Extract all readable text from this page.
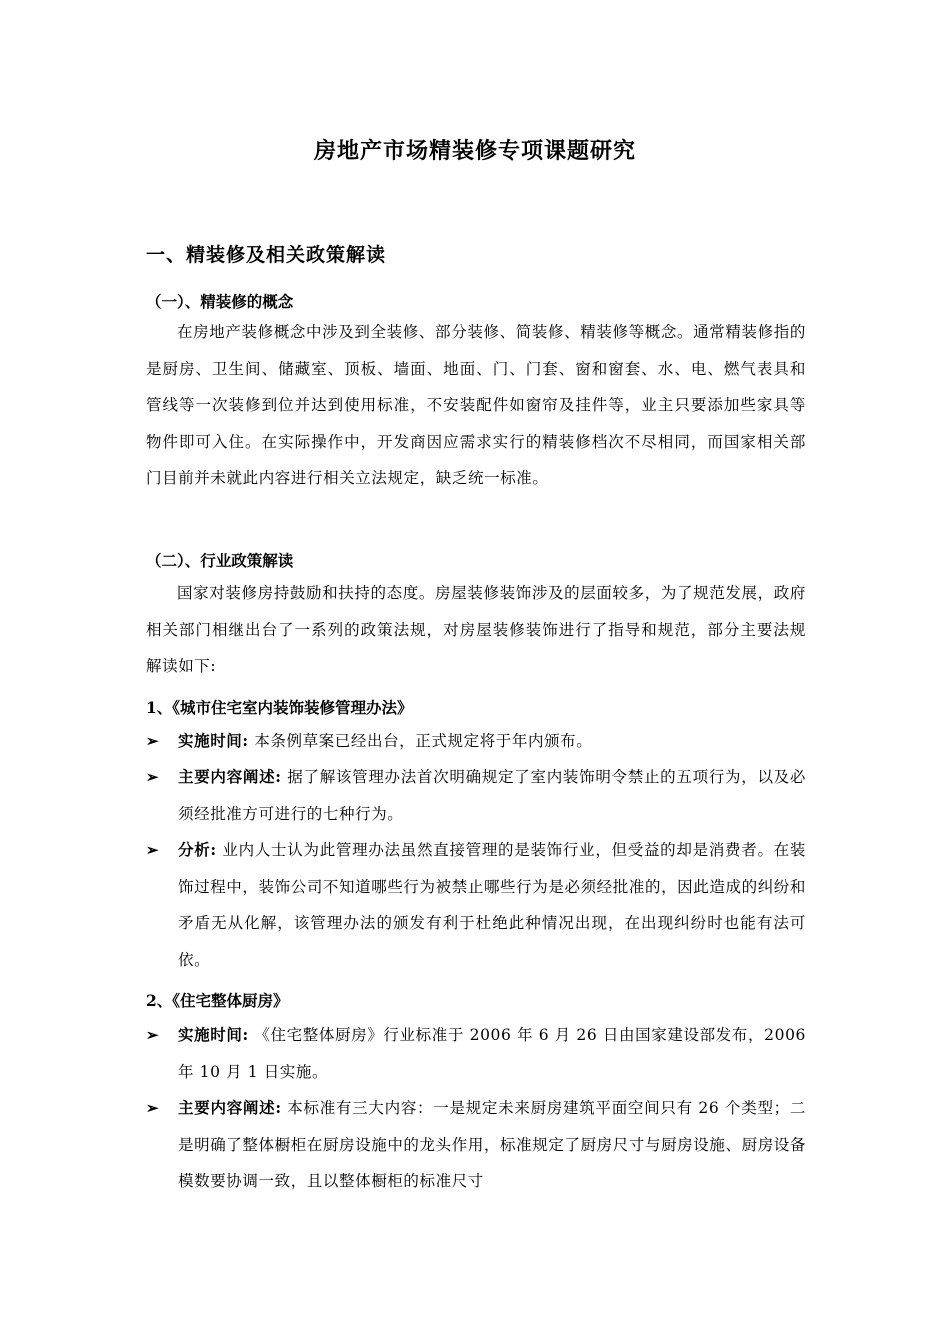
房地产市场精装修专项课题研究
一、精装修及相关政策解读
（一）、精装修的概念

在房地产装修概念中涉及到全装修、部分装修、简装修、精装修等概念。通常精装修指的是厨房、卫生间、储藏室、顶板、墙面、地面、门、门套、窗和窗套、水、电、燃气表具和管线等一次装修到位并达到使用标准，不安装配件如窗帘及挂件等，业主只要添加些家具等物件即可入住。在实际操作中，开发商因应需求实行的精装修档次不尽相同，而国家相关部门目前并未就此内容进行相关立法规定，缺乏统一标准。

（二）、行业政策解读

国家对装修房持鼓励和扶持的态度。房屋装修装饰涉及的层面较多，为了规范发展，政府相关部门相继出台了一系列的政策法规，对房屋装修装饰进行了指导和规范，部分主要法规解读如下:

1、《城市住宅室内装饰装修管理办法》
➢ 实施时间: 本条例草案已经出台，正式规定将于年内颁布。
➢ 主要内容阐述: 据了解该管理办法首次明确规定了室内装饰明令禁止的五项行为，以及必须经批准方可进行的七种行为。
➢ 分析: 业内人士认为此管理办法虽然直接管理的是装饰行业，但受益的却是消费者。在装饰过程中，装饰公司不知道哪些行为被禁止哪些行为是必须经批准的，因此造成的纠纷和矛盾无从化解，该管理办法的颁发有利于杜绝此种情况出现，在出现纠纷时也能有法可依。
2、《住宅整体厨房》
➢ 实施时间: 《住宅整体厨房》行业标准于 2006 年 6 月 26 日由国家建设部发布，2006 年 10 月 1 日实施。
➢ 主要内容阐述: 本标准有三大内容：一是规定未来厨房建筑平面空间只有 26 个类型；二是明确了整体橱柜在厨房设施中的龙头作用，标准规定了厨房尺寸与厨房设施、厨房设备模数要协调一致，且以整体橱柜的标准尺寸
